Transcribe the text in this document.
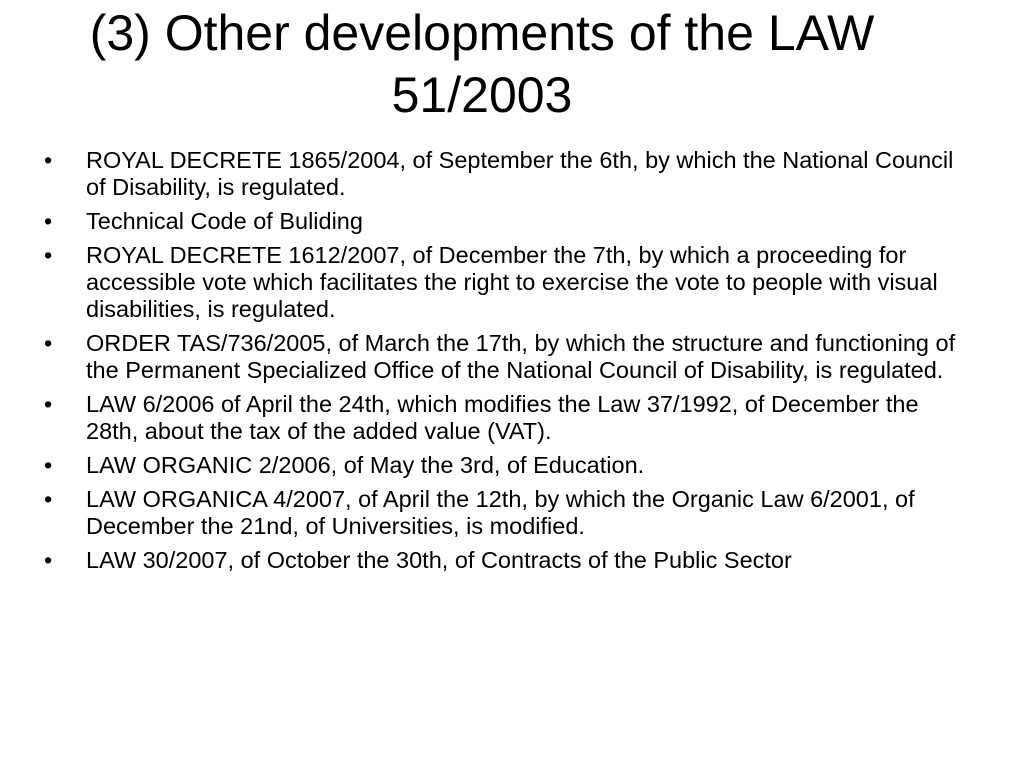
(3) Other developments of the LAW
51/2003
• ROYAL DECRETE 1865/2004, of September the 6th, by which the National Council of Disability, is regulated.
• Technical Code of Buliding
• ROYAL DECRETE 1612/2007, of December the 7th, by which a proceeding for accessible vote which facilitates the right to exercise the vote to people with visual disabilities, is regulated.
• ORDER TAS/736/2005, of March the 17th, by which the structure and functioning of the Permanent Specialized Office of the National Council of Disability, is regulated.
• LAW 6/2006 of April the 24th, which modifies the Law 37/1992, of December the 28th, about the tax of the added value (VAT).
• LAW ORGANIC 2/2006, of May the 3rd, of Education.
• LAW ORGANICA 4/2007, of April the 12th, by which the Organic Law 6/2001, of December the 21nd, of Universities, is modified.
• LAW 30/2007, of October the 30th, of Contracts of the Public Sector
